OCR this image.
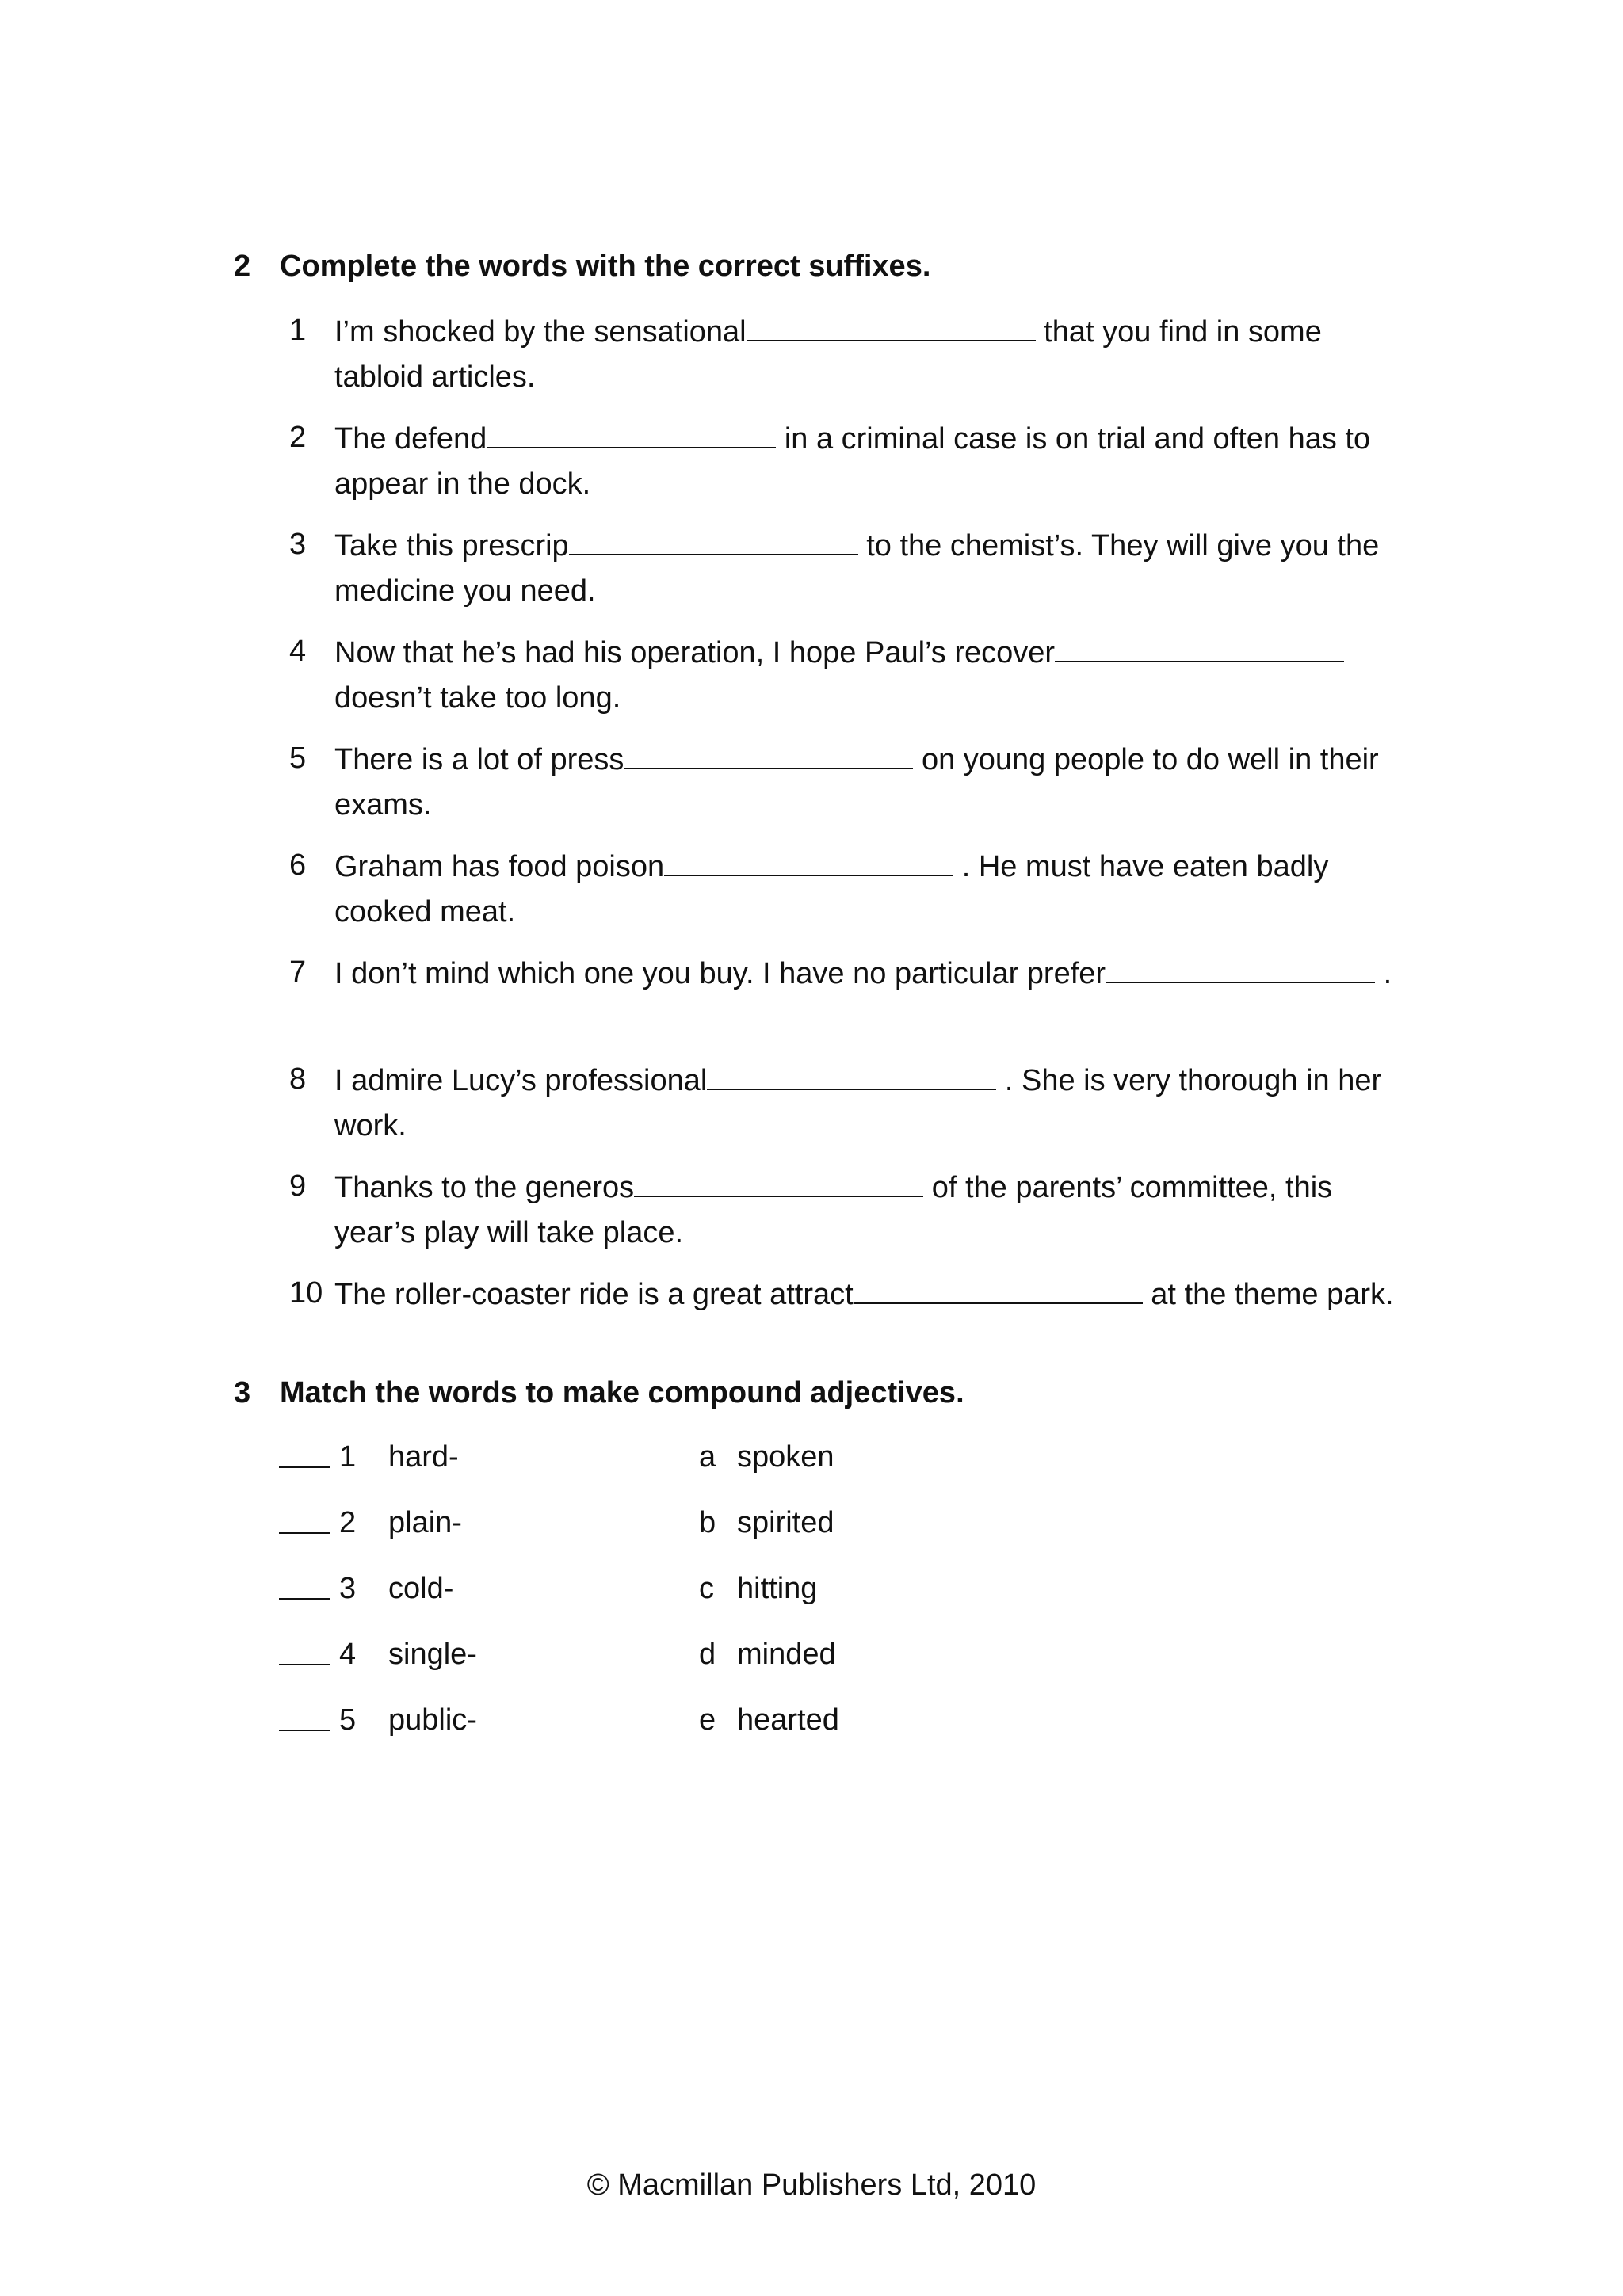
2 Complete the words with the correct suffixes.
1 I’m shocked by the sensational	that you find in some tabloid articles.
2 The defend	in a criminal case is on trial and often has to appear in the dock.
3 Take this prescrip	to the chemist’s. They will give you the medicine you need.
4 Now that he’s had his operation, I hope Paul’s recover doesn’t take too long.
5 There is a lot of press	on young people to do well in their exams.
6 Graham has food poison	. He must have eaten badly cooked meat.
7 I don’t mind which one you buy. I have no particular prefer	.
8 I admire Lucy’s professional	. She is very thorough in her work.
9 Thanks to the generos	of the parents’ committee, this year’s play will take place.
10 The roller-coaster ride is a great attract	at the theme park.
3 Match the words to make compound adjectives.
1 hard-	a spoken
2 plain-	b spirited
3 cold-	c hitting
4 single-	d minded
5 public-	e hearted
© Macmillan Publishers Ltd, 2010
